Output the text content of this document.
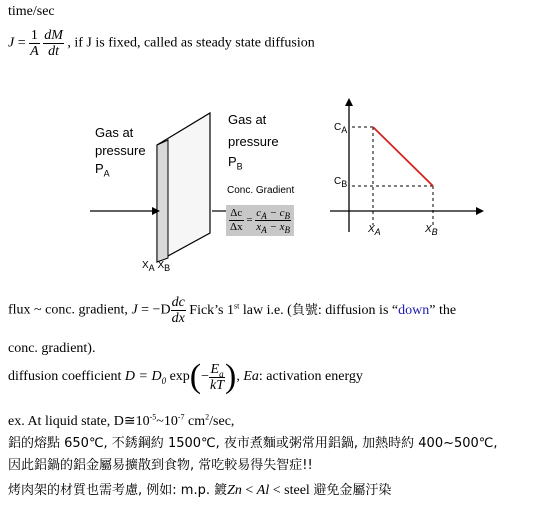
time/sec
$J = \frac{1}{A}$
$\frac{dM}{dt}$ , if J is fixed, called as steady state diffusion
Gas at
pressure
$P_A$
Gas at
pressure
$P_B$
Conc. Gradient
$\frac{\Delta c}{\Delta x} = \frac{c_A - c_B}{x_A - x_B}$
$X_A$ $X_B$
$C_A$
$C_B$
$X_A$	$X_B$
flux ~ conc. gradient, $J = -D \frac{dc}{dx}$ Fick’s 1st law i.e. (負號: diffusion is “down” the
conc. gradient).
diffusion coefficient $D = D_0$ $\exp(- \frac{E_a}{kT}$ ), Ea: activation energy
ex. At liquid state, $D≅10^{-5}\sim 10^{-7}$ $cm^2/\sec$,
鋁的熔點 650℃, 不銹鋼約 1500℃, 夜市煮麵或粥常用鋁鍋, 加熱時約 400~500℃,
因此鋁鍋的鋁金屬易擴散到食物, 常吃較易得失智症!!
烤肉架的材質也需考慮, 例如: m.p. 鍍Zn < Al < steel 避免金屬汙染
